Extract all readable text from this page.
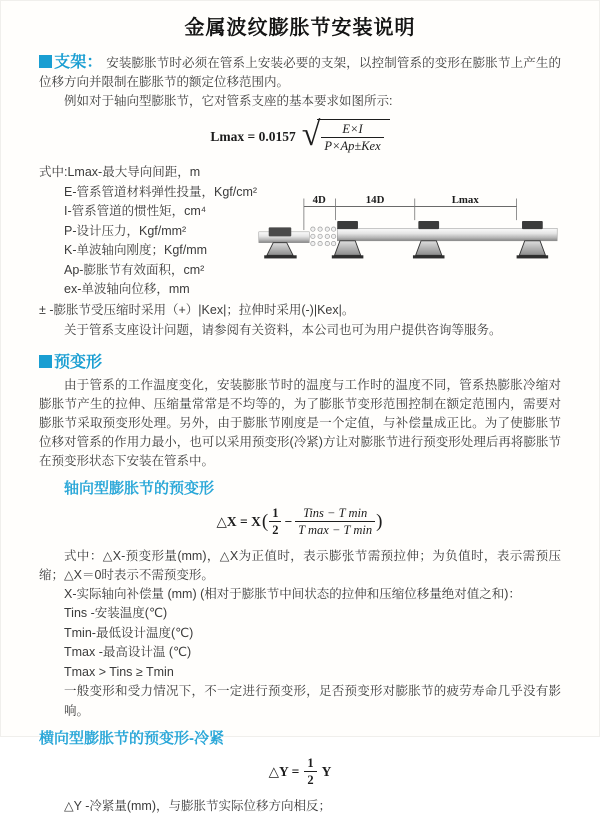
金属波纹膨胀节安装说明

支架： 安装膨胀节时必须在管系上安装必要的支架，以控制管系的变形在膨胀节上产生的位移方向并限制在膨胀节的额定位移范围内。

例如对于轴向型膨胀节，它对管系支座的基本要求如图所示:

Lmax = 0.0157 √ $\frac{E\times I}{\text{P×Ap±Kex}}$
式中:Lmax-最大导向间距，m
E-管系管道材料弹性投量，Kgf/cm²
I-管系管道的惯性矩，cm⁴
P-设计压力，Kgf/mm²
K-单波轴向刚度；Kgf/mm
Ap-膨胀节有效面积，cm²
ex-单波轴向位移，mm
4D	14D	Lmax
± -膨胀节受压缩时采用（+）|Kex|；拉伸时采用(-)|Kex|。
关于管系支座设计问题，请参阅有关资料，本公司也可为用户提供咨询等服务。
预变形

由于管系的工作温度变化，安装膨胀节时的温度与工作时的温度不同，管系热膨胀冷缩对膨胀节产生的拉伸、压缩量常常是不均等的，为了膨胀节变形范围控制在额定范围内，需要对膨胀节采取预变形处理。另外，由于膨胀节刚度是一个定值，与补偿量成正比。为了使膨胀节位移对管系的作用力最小，也可以采用预变形(冷紧)方让对膨胀节进行预变形处理后再将膨胀节在预变形状态下安装在管系中。

轴向型膨胀节的预变形
△X = X ( $\frac{1}{2} - \frac{\text{Tins − T min}}{\text{T max − T min}}$ )

式中：△X-预变形量(mm)，△X为正值时，表示膨张节需预拉伸；为负值时，表示需预压缩；△X＝0时表示不需预变形。

X-实际轴向补偿量 (mm) (相对于膨胀节中间状态的拉伸和压缩位移量绝对值之和)：
Tins -安装温度(℃)
Tmin-最低设计温度(℃)
Tmax -最高设计温 (℃)
Tmax > Tins ≥ Tmin
一般变形和受力情况下，不一定进行预变形，足否预变形对膨胀节的疲劳寿命几乎没有影响。
横向型膨胀节的预变形-冷紧
△Y = $\frac{1}{2}$ Y
△Y -冷紧量(mm)，与膨胀节实际位移方向相反；
